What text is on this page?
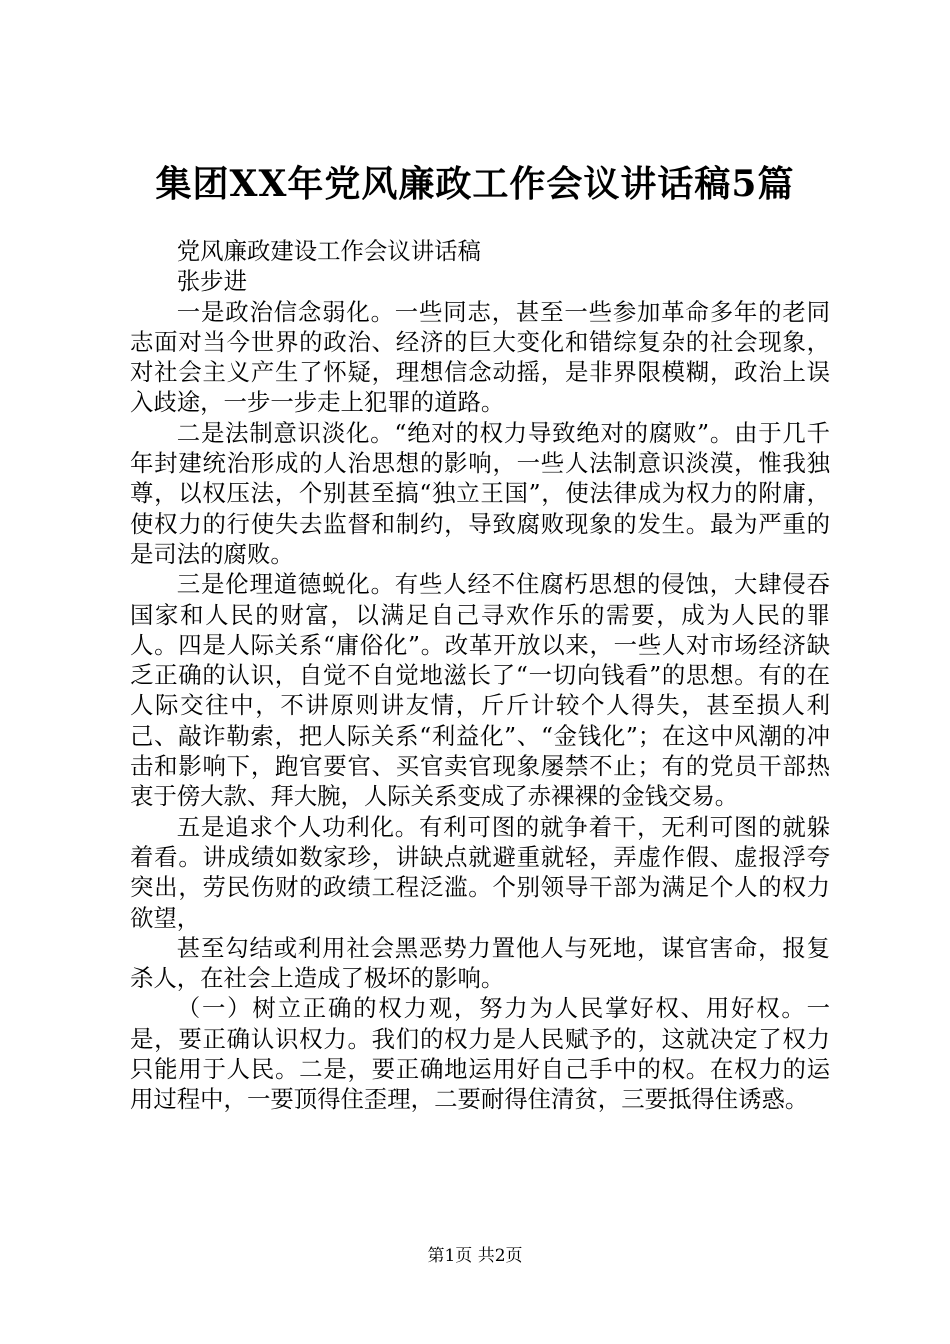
集团XX年党风廉政工作会议讲话稿5篇

党风廉政建设工作会议讲话稿

张步进

一是政治信念弱化。一些同志，甚至一些参加革命多年的老同志面对当今世界的政治、经济的巨大变化和错综复杂的社会现象，对社会主义产生了怀疑，理想信念动摇，是非界限模糊，政治上误入歧途，一步一步走上犯罪的道路。

二是法制意识淡化。“绝对的权力导致绝对的腐败”。由于几千年封建统治形成的人治思想的影响，一些人法制意识淡漠，惟我独尊，以权压法，个别甚至搞“独立王国”，使法律成为权力的附庸，使权力的行使失去监督和制约，导致腐败现象的发生。最为严重的是司法的腐败。

三是伦理道德蜕化。有些人经不住腐朽思想的侵蚀，大肆侵吞国家和人民的财富，以满足自己寻欢作乐的需要，成为人民的罪人。四是人际关系“庸俗化”。改革开放以来，一些人对市场经济缺乏正确的认识，自觉不自觉地滋长了“一切向钱看”的思想。有的在人际交往中，不讲原则讲友情，斤斤计较个人得失，甚至损人利己、敲诈勒索，把人际关系“利益化”、“金钱化”；在这中风潮的冲击和影响下，跑官要官、买官卖官现象屡禁不止；有的党员干部热衷于傍大款、拜大腕，人际关系变成了赤裸裸的金钱交易。

五是追求个人功利化。有利可图的就争着干，无利可图的就躲着看。讲成绩如数家珍，讲缺点就避重就轻，弄虚作假、虚报浮夸突出，劳民伤财的政绩工程泛滥。个别领导干部为满足个人的权力欲望，

甚至勾结或利用社会黑恶势力置他人与死地，谋官害命，报复杀人，在社会上造成了极坏的影响。

（一）树立正确的权力观，努力为人民掌好权、用好权。一是，要正确认识权力。我们的权力是人民赋予的，这就决定了权力只能用于人民。二是，要正确地运用好自己手中的权。在权力的运用过程中，一要顶得住歪理，二要耐得住清贫，三要抵得住诱惑。

第1页 共2页
